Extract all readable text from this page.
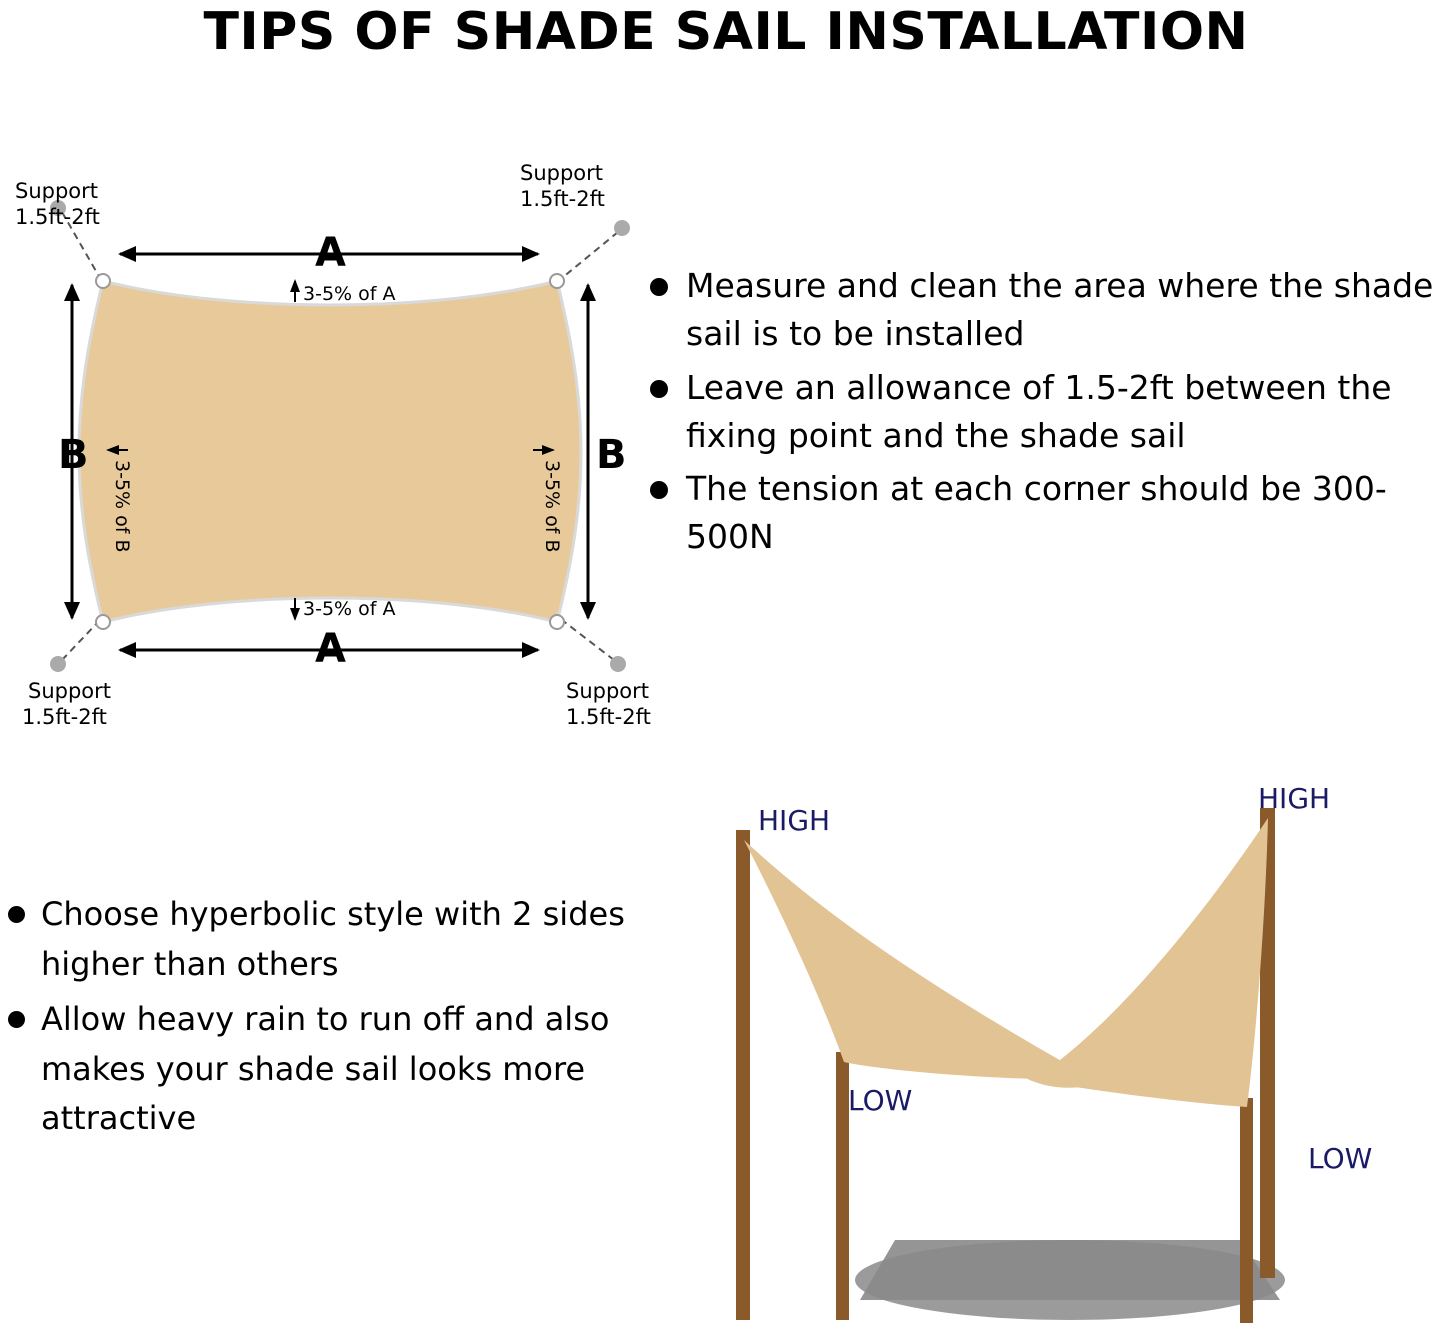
TIPS OF SHADE SAIL INSTALLATION
Support
1.5ft-2ft
Support
1.5ft-2ft
Support
1.5ft-2ft
Support
1.5ft-2ft
A
A
B	B
3-5% of A
3-5% of A
3-5% of B	3-5% of B
Measure and clean the area where the shade sail is to be installed
Leave an allowance of 1.5-2ft between the fixing point and the shade sail
The tension at each corner should be 300-500N
Choose hyperbolic style with 2 sides higher than others
Allow heavy rain to run off and also makes your shade sail looks more attractive
HIGH
HIGH
LOW
LOW
